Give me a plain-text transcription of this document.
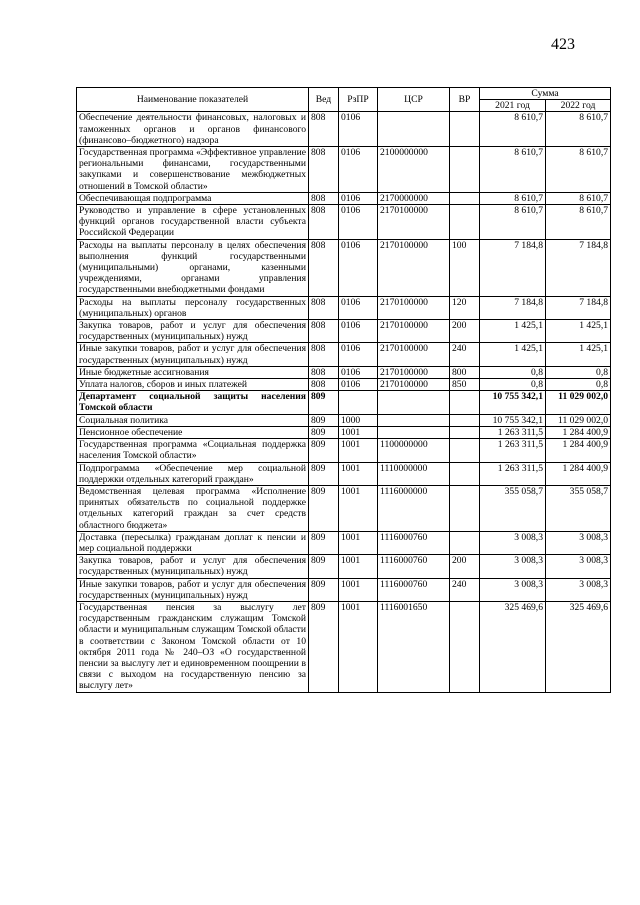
423
Наименование показателей	Вед	РзПР	ЦСР	ВР	Сумма	
					2021 год	2022 год
Обеспечение деятельности финансовых, налоговых и таможенных органов и органов финансового (финансово–бюджетного) надзора	808	0106			8 610,7	8 610,7
Государственная программа «Эффективное управление региональными финансами, государственными закупками и совершенствование межбюджетных отношений в Томской области»	808	0106	2100000000		8 610,7	8 610,7
Обеспечивающая подпрограмма	808	0106	2170000000		8 610,7	8 610,7
Руководство и управление в сфере установленных функций органов государственной власти субъекта Российской Федерации	808	0106	2170100000		8 610,7	8 610,7
Расходы на выплаты персоналу в целях обеспечения выполнения функций государственными (муниципальными) органами, казенными учреждениями, органами управления государственными внебюджетными фондами	808	0106	2170100000	100	7 184,8	7 184,8
Расходы на выплаты персоналу государственных (муниципальных) органов	808	0106	2170100000	120	7 184,8	7 184,8
Закупка товаров, работ и услуг для обеспечения государственных (муниципальных) нужд	808	0106	2170100000	200	1 425,1	1 425,1
Иные закупки товаров, работ и услуг для обеспечения государственных (муниципальных) нужд	808	0106	2170100000	240	1 425,1	1 425,1
Иные бюджетные ассигнования	808	0106	2170100000	800	0,8	0,8
Уплата налогов, сборов и иных платежей	808	0106	2170100000	850	0,8	0,8
Департамент социальной защиты населения Томской области	809				10 755 342,1	11 029 002,0
Социальная политика	809	1000			10 755 342,1	11 029 002,0
Пенсионное обеспечение	809	1001			1 263 311,5	1 284 400,9
Государственная программа «Социальная поддержка населения Томской области»	809	1001	1100000000		1 263 311,5	1 284 400,9
Подпрограмма «Обеспечение мер социальной поддержки отдельных категорий граждан»	809	1001	1110000000		1 263 311,5	1 284 400,9
Ведомственная целевая программа «Исполнение принятых обязательств по социальной поддержке отдельных категорий граждан за счет средств областного бюджета»	809	1001	1116000000		355 058,7	355 058,7
Доставка (пересылка) гражданам доплат к пенсии и мер социальной поддержки	809	1001	1116000760		3 008,3	3 008,3
Закупка товаров, работ и услуг для обеспечения государственных (муниципальных) нужд	809	1001	1116000760	200	3 008,3	3 008,3
Иные закупки товаров, работ и услуг для обеспечения государственных (муниципальных) нужд	809	1001	1116000760	240	3 008,3	3 008,3
Государственная пенсия за выслугу лет государственным гражданским служащим Томской области и муниципальным служащим Томской области в соответствии с Законом Томской области от 10 октября 2011 года № 240–ОЗ «О государственной пенсии за выслугу лет и единовременном поощрении в связи с выходом на государственную пенсию за выслугу лет»	809	1001	1116001650		325 469,6	325 469,6
